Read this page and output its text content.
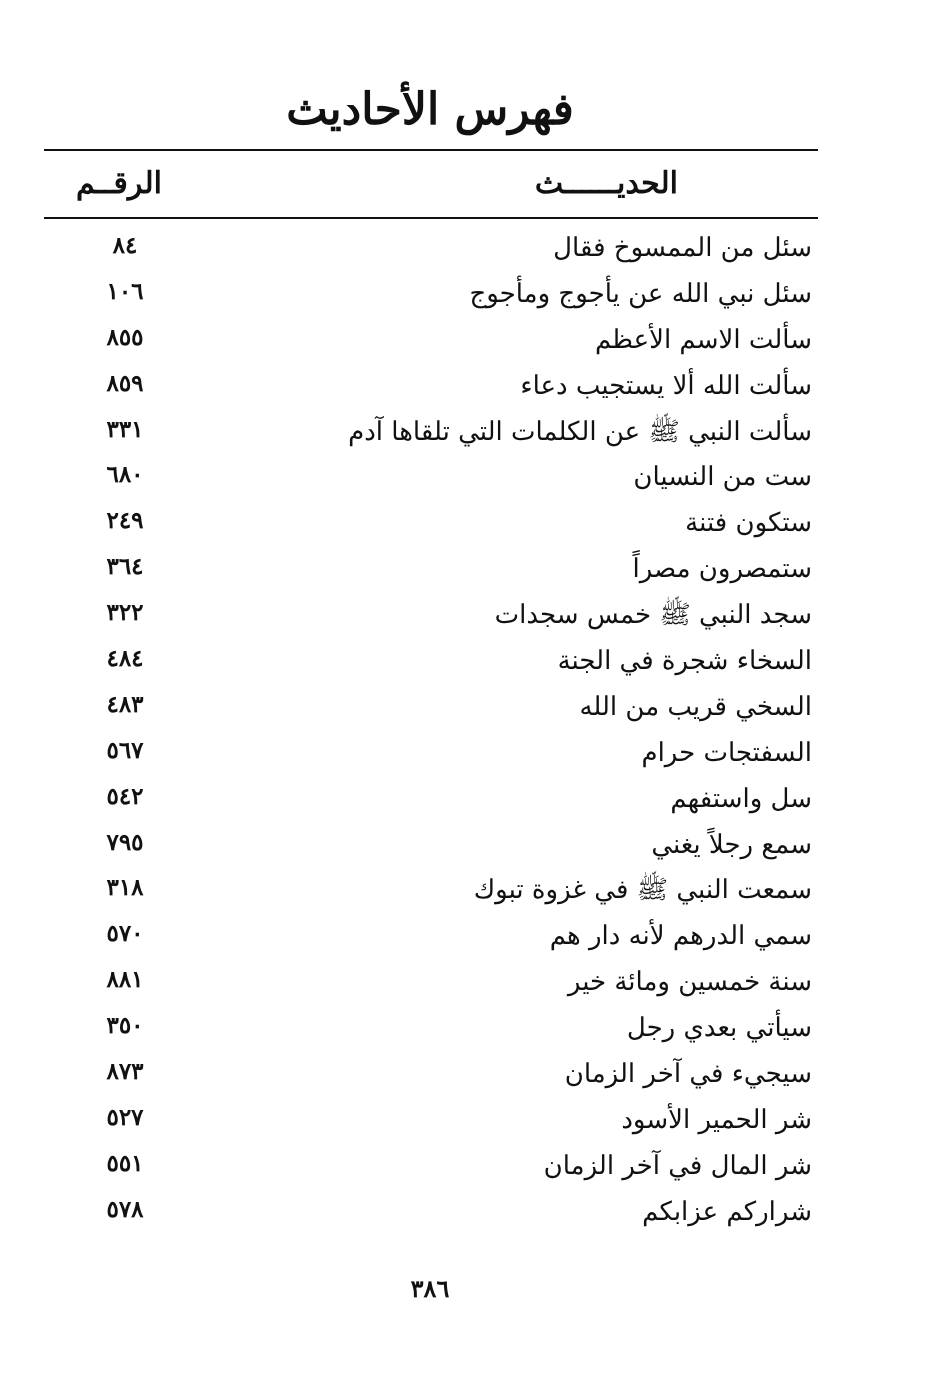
فهرس الأحاديث
الحديــــــث
الرقــم
سئل من الممسوخ فقال
٨٤
سئل نبي الله عن يأجوج ومأجوج
١٠٦
سألت الاسم الأعظم
٨٥٥
سألت الله ألا يستجيب دعاء
٨٥٩
سألت النبي ﷺ عن الكلمات التي تلقاها آدم
٣٣١
ست من النسيان
٦٨٠
ستكون فتنة
٢٤٩
ستمصرون مصراً
٣٦٤
سجد النبي ﷺ خمس سجدات
٣٢٢
السخاء شجرة في الجنة
٤٨٤
السخي قريب من الله
٤٨٣
السفتجات حرام
٥٦٧
سل واستفهم
٥٤٢
سمع رجلاً يغني
٧٩٥
سمعت النبي ﷺ في غزوة تبوك
٣١٨
سمي الدرهم لأنه دار هم
٥٧٠
سنة خمسين ومائة خير
٨٨١
سيأتي بعدي رجل
٣٥٠
سيجيء في آخر الزمان
٨٧٣
شر الحمير الأسود
٥٢٧
شر المال في آخر الزمان
٥٥١
شراركم عزابكم
٥٧٨
٣٨٦
